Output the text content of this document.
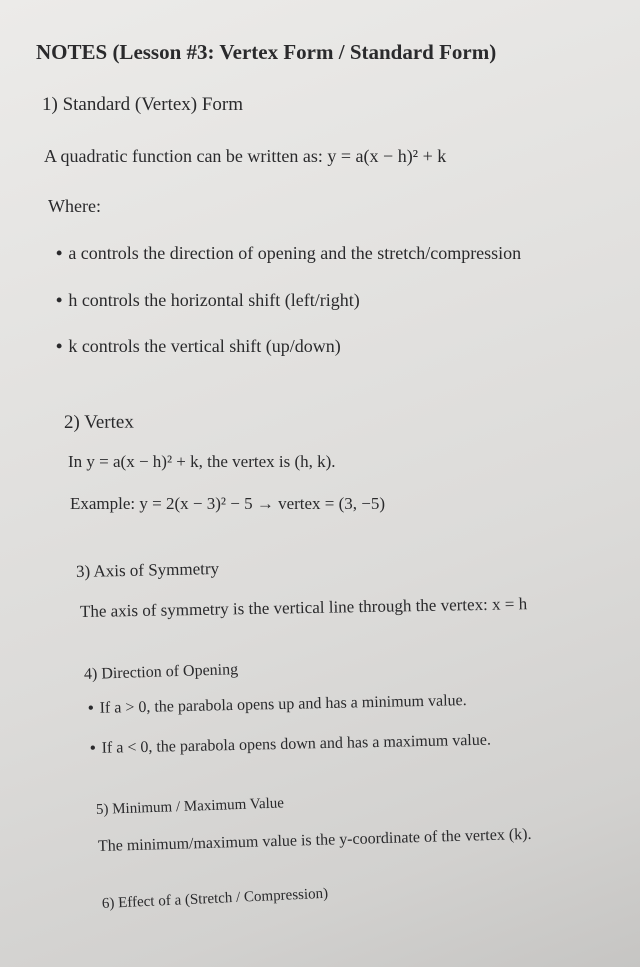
NOTES (Lesson #3: Vertex Form / Standard Form)
1) Standard (Vertex) Form
A quadratic function can be written as: y = a(x − h)² + k
Where:
• a controls the direction of opening and the stretch/compression
• h controls the horizontal shift (left/right)
• k controls the vertical shift (up/down)
2) Vertex
In y = a(x − h)² + k, the vertex is (h, k).
Example: y = 2(x − 3)² − 5 → vertex = (3, −5)
3) Axis of Symmetry
The axis of symmetry is the vertical line through the vertex: x = h
4) Direction of Opening
• If a > 0, the parabola opens up and has a minimum value.
• If a < 0, the parabola opens down and has a maximum value.
5) Minimum / Maximum Value
The minimum/maximum value is the y-coordinate of the vertex (k).
6) Effect of a (Stretch / Compression)
